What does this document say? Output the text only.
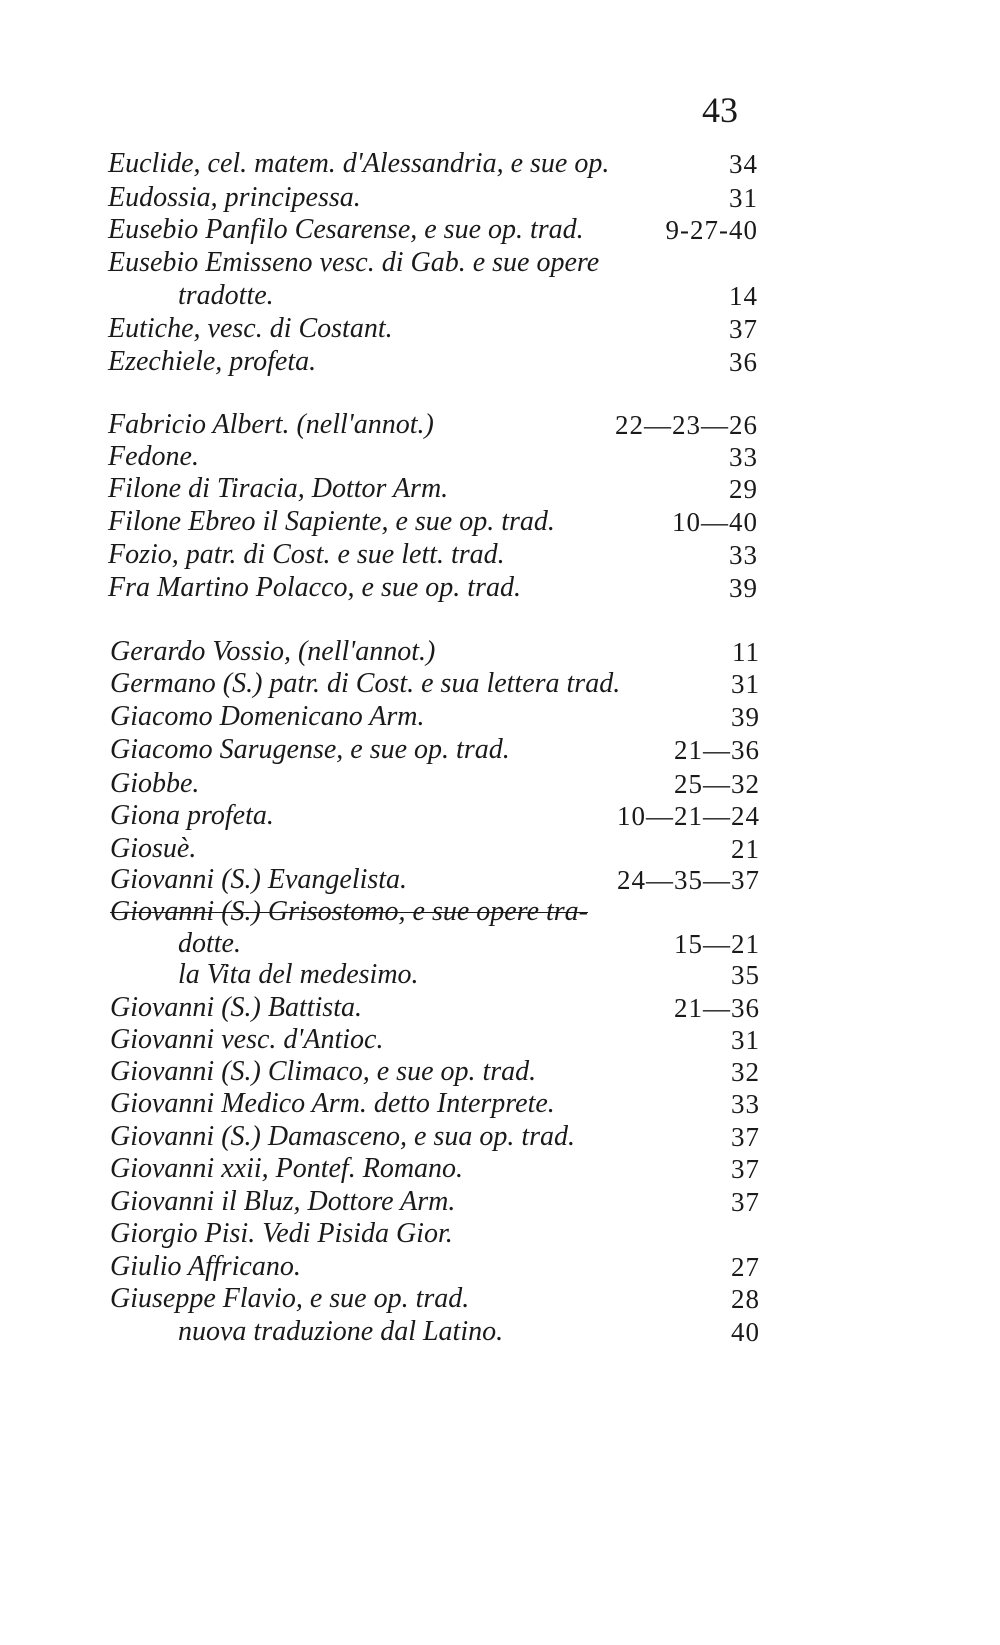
43
Euclide, cel. matem. d'Alessandria, e sue op.	34
Eudossia, principessa.	31
Eusebio Panfilo Cesarense, e sue op. trad.	9-27-40
Eusebio Emisseno vesc. di Gab. e sue opere
tradotte.	14
Eutiche, vesc. di Costant.	37
Ezechiele, profeta.	36
Fabricio Albert. (nell'annot.)	22—23—26
Fedone.	33
Filone di Tiracia, Dottor Arm.	29
Filone Ebreo il Sapiente, e sue op. trad.	10—40
Fozio, patr. di Cost. e sue lett. trad.	33
Fra Martino Polacco, e sue op. trad.	39
Gerardo Vossio, (nell'annot.)	11
Germano (S.) patr. di Cost. e sua lettera trad.	31
Giacomo Domenicano Arm.	39
Giacomo Sarugense, e sue op. trad.	21—36
Giobbe.	25—32
Giona profeta.	10—21—24
Giosuè.	21
Giovanni (S.) Evangelista.	24—35—37
Giovanni (S.) Grisostomo, e sue opere tra-
dotte.	15—21
la Vita del medesimo.	35
Giovanni (S.) Battista.	21—36
Giovanni vesc. d'Antioc.	31
Giovanni (S.) Climaco, e sue op. trad.	32
Giovanni Medico Arm. detto Interprete.	33
Giovanni (S.) Damasceno, e sua op. trad.	37
Giovanni xxii, Pontef. Romano.	37
Giovanni il Bluz, Dottore Arm.	37
Giorgio Pisi. Vedi Pisida Gior.
Giulio Affricano.	27
Giuseppe Flavio, e sue op. trad.	28
nuova traduzione dal Latino.	40
